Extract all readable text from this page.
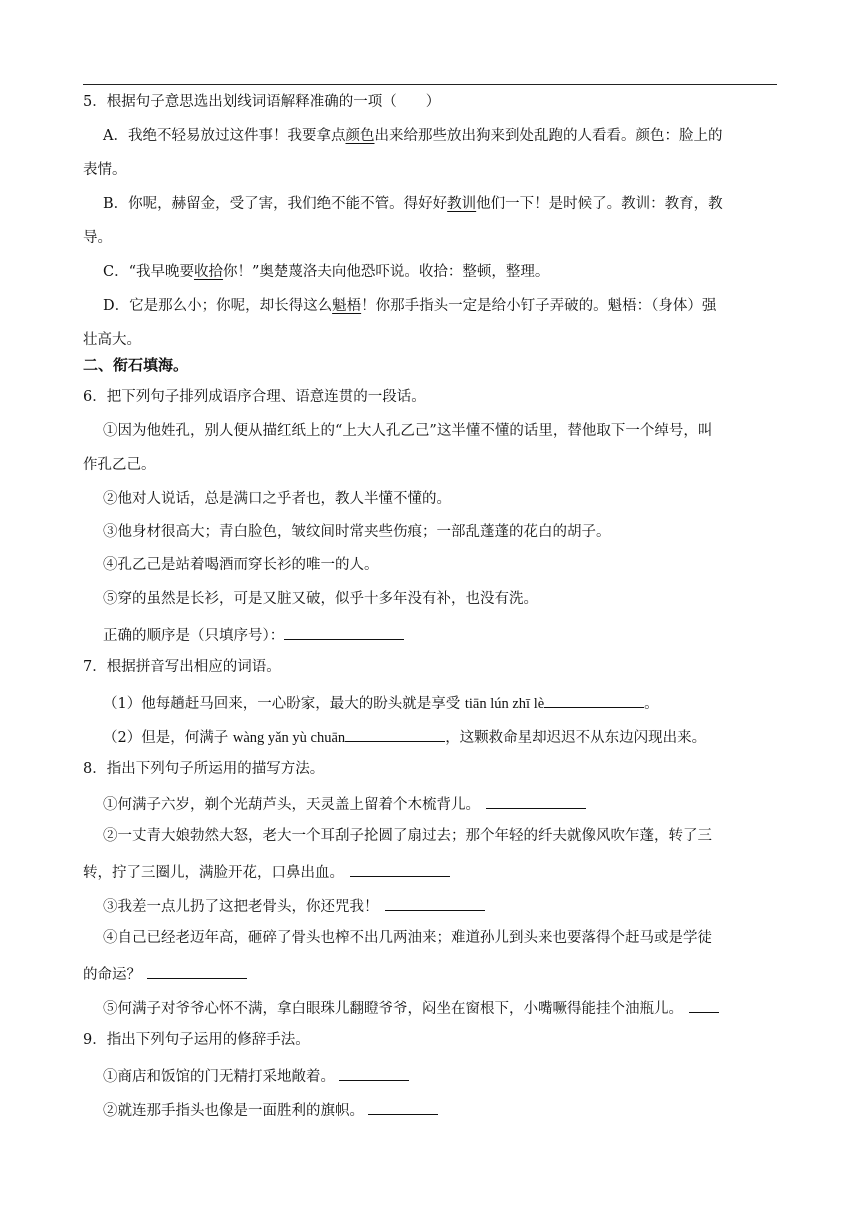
5．根据句子意思选出划线词语解释准确的一项（　　）
A．我绝不轻易放过这件事！我要拿点颜色出来给那些放出狗来到处乱跑的人看看。颜色：脸上的
表情。
B．你呢，赫留金，受了害，我们绝不能不管。得好好教训他们一下！是时候了。教训：教育，教
导。
C．“我早晚要收拾你！”奥楚蔑洛夫向他恐吓说。收拾：整顿，整理。
D．它是那么小；你呢，却长得这么魁梧！你那手指头一定是给小钉子弄破的。魁梧：（身体）强
壮高大。
二、衔石填海。
6．把下列句子排列成语序合理、语意连贯的一段话。
①因为他姓孔，别人便从描红纸上的“上大人孔乙己”这半懂不懂的话里，替他取下一个绰号，叫
作孔乙己。
②他对人说话，总是满口之乎者也，教人半懂不懂的。
③他身材很高大；青白脸色，皱纹间时常夹些伤痕；一部乱蓬蓬的花白的胡子。
④孔乙己是站着喝酒而穿长衫的唯一的人。
⑤穿的虽然是长衫，可是又脏又破，似乎十多年没有补，也没有洗。
正确的顺序是（只填序号）：
7．根据拼音写出相应的词语。
（1）他每趟赶马回来，一心盼家，最大的盼头就是享受 tiān lún zhī lè	。
（2）但是，何满子 wàng yǎn yù chuān	，这颗救命星却迟迟不从东边闪现出来。
8．指出下列句子所运用的描写方法。
①何满子六岁，剃个光葫芦头，天灵盖上留着个木梳背儿。
②一丈青大娘勃然大怒，老大一个耳刮子抡圆了扇过去；那个年轻的纤夫就像风吹乍蓬，转了三
转，拧了三圈儿，满脸开花，口鼻出血。
③我差一点儿扔了这把老骨头，你还咒我！
④自己已经老迈年高，砸碎了骨头也榨不出几两油来；难道孙儿到头来也要落得个赶马或是学徒
的命运？
⑤何满子对爷爷心怀不满，拿白眼珠儿翻瞪爷爷，闷坐在窗根下，小嘴噘得能挂个油瓶儿。
9．指出下列句子运用的修辞手法。
①商店和饭馆的门无精打采地敞着。
②就连那手指头也像是一面胜利的旗帜。
